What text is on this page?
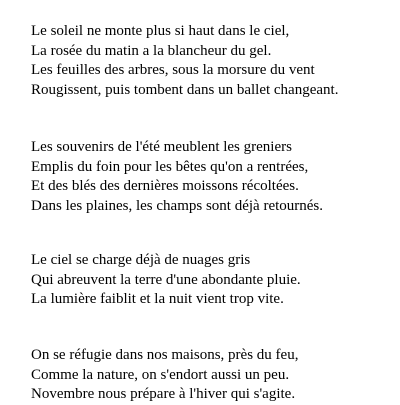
Le soleil ne monte plus si haut dans le ciel,
La rosée du matin a la blancheur du gel.
Les feuilles des arbres, sous la morsure du vent
Rougissent, puis tombent dans un ballet changeant.
Les souvenirs de l'été meublent les greniers
Emplis du foin pour les bêtes qu'on a rentrées,
Et des blés des dernières moissons récoltées.
Dans les plaines, les champs sont déjà retournés.
Le ciel se charge déjà de nuages gris
Qui abreuvent la terre d'une abondante pluie.
La lumière faiblit et la nuit vient trop vite.
On se réfugie dans nos maisons, près du feu,
Comme la nature, on s'endort aussi un peu.
Novembre nous prépare à l'hiver qui s'agite.
